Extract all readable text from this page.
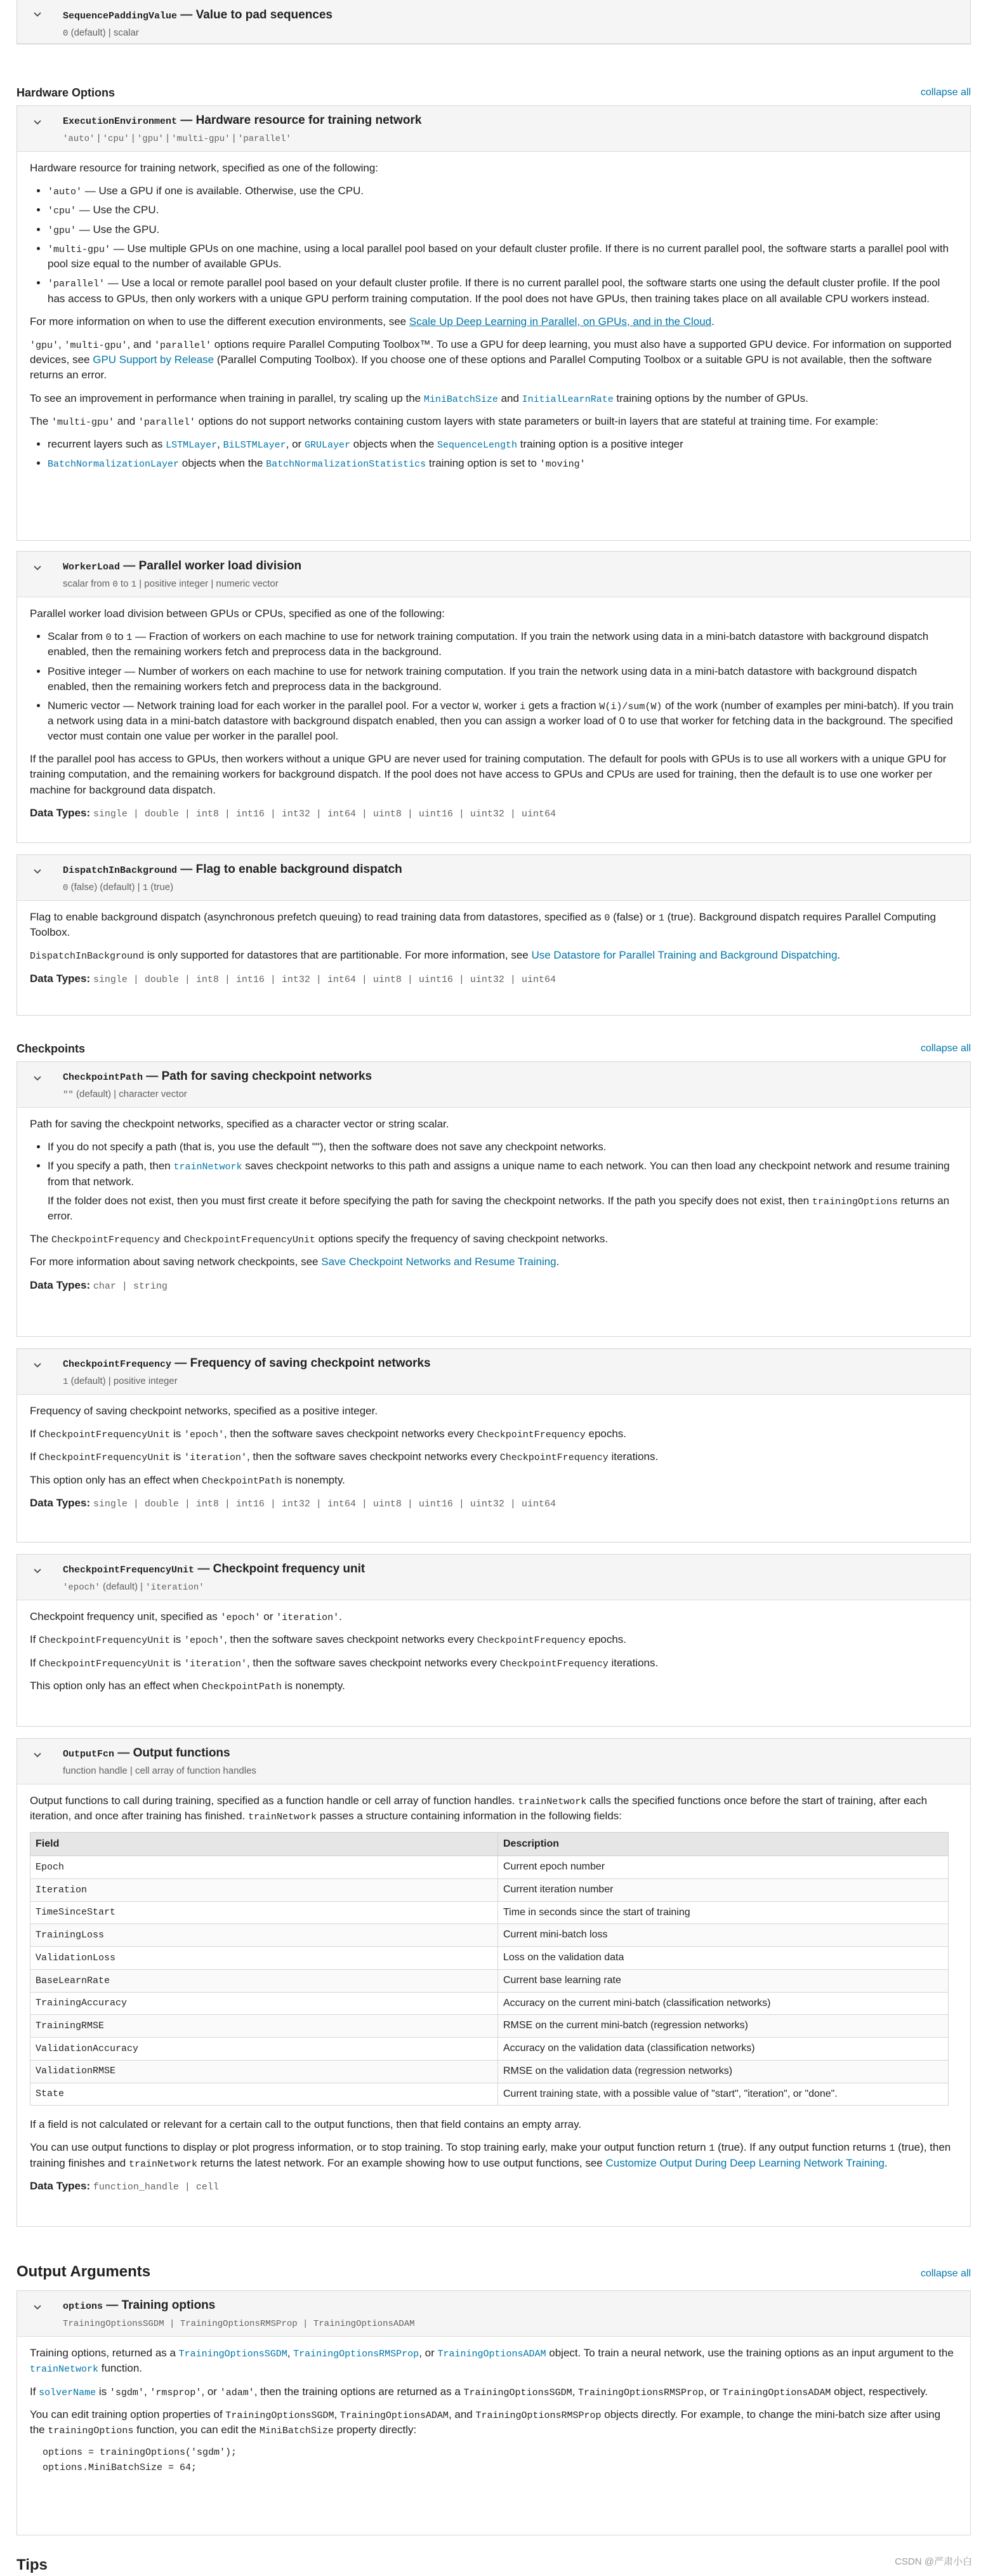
SequencePaddingValue — Value to pad sequences
0 (default) | scalar
Hardware Options	collapse all
ExecutionEnvironment — Hardware resource for training network
'auto' | 'cpu' | 'gpu' | 'multi-gpu' | 'parallel'

Hardware resource for training network, specified as one of the following:

• 'auto' — Use a GPU if one is available. Otherwise, use the CPU.
• 'cpu' — Use the CPU.
• 'gpu' — Use the GPU.
• 'multi-gpu' — Use multiple GPUs on one machine, using a local parallel pool based on your default cluster profile. If there is no current parallel pool, the software starts a parallel pool with pool size equal to the number of available GPUs.
• 'parallel' — Use a local or remote parallel pool based on your default cluster profile. If there is no current parallel pool, the software starts one using the default cluster profile. If the pool has access to GPUs, then only workers with a unique GPU perform training computation. If the pool does not have GPUs, then training takes place on all available CPU workers instead.

For more information on when to use the different execution environments, see Scale Up Deep Learning in Parallel, on GPUs, and in the Cloud.

'gpu', 'multi-gpu', and 'parallel' options require Parallel Computing Toolbox™. To use a GPU for deep learning, you must also have a supported GPU device. For information on supported devices, see GPU Support by Release (Parallel Computing Toolbox). If you choose one of these options and Parallel Computing Toolbox or a suitable GPU is not available, then the software returns an error.

To see an improvement in performance when training in parallel, try scaling up the MiniBatchSize and InitialLearnRate training options by the number of GPUs.

The 'multi-gpu' and 'parallel' options do not support networks containing custom layers with state parameters or built-in layers that are stateful at training time. For example:

• recurrent layers such as LSTMLayer, BiLSTMLayer, or GRULayer objects when the SequenceLength training option is a positive integer
• BatchNormalizationLayer objects when the BatchNormalizationStatistics training option is set to 'moving'
WorkerLoad — Parallel worker load division
scalar from 0 to 1 | positive integer | numeric vector

Parallel worker load division between GPUs or CPUs, specified as one of the following:

• Scalar from 0 to 1 — Fraction of workers on each machine to use for network training computation. If you train the network using data in a mini-batch datastore with background dispatch enabled, then the remaining workers fetch and preprocess data in the background.
• Positive integer — Number of workers on each machine to use for network training computation. If you train the network using data in a mini-batch datastore with background dispatch enabled, then the remaining workers fetch and preprocess data in the background.
• Numeric vector — Network training load for each worker in the parallel pool. For a vector W, worker i gets a fraction W(i)/sum(W) of the work (number of examples per mini-batch). If you train a network using data in a mini-batch datastore with background dispatch enabled, then you can assign a worker load of 0 to use that worker for fetching data in the background. The specified vector must contain one value per worker in the parallel pool.

If the parallel pool has access to GPUs, then workers without a unique GPU are never used for training computation. The default for pools with GPUs is to use all workers with a unique GPU for training computation, and the remaining workers for background dispatch. If the pool does not have access to GPUs and CPUs are used for training, then the default is to use one worker per machine for background data dispatch.

Data Types: single | double | int8 | int16 | int32 | int64 | uint8 | uint16 | uint32 | uint64
DispatchInBackground — Flag to enable background dispatch
0 (false) (default) | 1 (true)

Flag to enable background dispatch (asynchronous prefetch queuing) to read training data from datastores, specified as 0 (false) or 1 (true). Background dispatch requires Parallel Computing Toolbox.

DispatchInBackground is only supported for datastores that are partitionable. For more information, see Use Datastore for Parallel Training and Background Dispatching.

Data Types: single | double | int8 | int16 | int32 | int64 | uint8 | uint16 | uint32 | uint64
Checkpoints	collapse all
CheckpointPath — Path for saving checkpoint networks
"" (default) | character vector

Path for saving the checkpoint networks, specified as a character vector or string scalar.

• If you do not specify a path (that is, you use the default ""), then the software does not save any checkpoint networks.
• If you specify a path, then trainNetwork saves checkpoint networks to this path and assigns a unique name to each network. You can then load any checkpoint network and resume training from that network.
If the folder does not exist, then you must first create it before specifying the path for saving the checkpoint networks. If the path you specify does not exist, then trainingOptions returns an error.

The CheckpointFrequency and CheckpointFrequencyUnit options specify the frequency of saving checkpoint networks.

For more information about saving network checkpoints, see Save Checkpoint Networks and Resume Training.

Data Types: char | string
CheckpointFrequency — Frequency of saving checkpoint networks
1 (default) | positive integer

Frequency of saving checkpoint networks, specified as a positive integer.

If CheckpointFrequencyUnit is 'epoch', then the software saves checkpoint networks every CheckpointFrequency epochs.

If CheckpointFrequencyUnit is 'iteration', then the software saves checkpoint networks every CheckpointFrequency iterations.

This option only has an effect when CheckpointPath is nonempty.

Data Types: single | double | int8 | int16 | int32 | int64 | uint8 | uint16 | uint32 | uint64
CheckpointFrequencyUnit — Checkpoint frequency unit
'epoch' (default) | 'iteration'

Checkpoint frequency unit, specified as 'epoch' or 'iteration'.

If CheckpointFrequencyUnit is 'epoch', then the software saves checkpoint networks every CheckpointFrequency epochs.

If CheckpointFrequencyUnit is 'iteration', then the software saves checkpoint networks every CheckpointFrequency iterations.

This option only has an effect when CheckpointPath is nonempty.

OutputFcn — Output functions
function handle | cell array of function handles

Output functions to call during training, specified as a function handle or cell array of function handles. trainNetwork calls the specified functions once before the start of training, after each iteration, and once after training has finished. trainNetwork passes a structure containing information in the following fields:

Field	Description
Epoch	Current epoch number
Iteration	Current iteration number
TimeSinceStart	Time in seconds since the start of training
TrainingLoss	Current mini-batch loss
ValidationLoss	Loss on the validation data
BaseLearnRate	Current base learning rate
TrainingAccuracy	Accuracy on the current mini-batch (classification networks)
TrainingRMSE	RMSE on the current mini-batch (regression networks)
ValidationAccuracy	Accuracy on the validation data (classification networks)
ValidationRMSE	RMSE on the validation data (regression networks)
State	Current training state, with a possible value of "start", "iteration", or "done".

If a field is not calculated or relevant for a certain call to the output functions, then that field contains an empty array.

You can use output functions to display or plot progress information, or to stop training. To stop training early, make your output function return 1 (true). If any output function returns 1 (true), then training finishes and trainNetwork returns the latest network. For an example showing how to use output functions, see Customize Output During Deep Learning Network Training.

Data Types: function_handle | cell
Output Arguments	collapse all
options — Training options
TrainingOptionsSGDM | TrainingOptionsRMSProp | TrainingOptionsADAM

Training options, returned as a TrainingOptionsSGDM, TrainingOptionsRMSProp, or TrainingOptionsADAM object. To train a neural network, use the training options as an input argument to the trainNetwork function.

If solverName is 'sgdm', 'rmsprop', or 'adam', then the training options are returned as a TrainingOptionsSGDM, TrainingOptionsRMSProp, or TrainingOptionsADAM object, respectively.

You can edit training option properties of TrainingOptionsSGDM, TrainingOptionsADAM, and TrainingOptionsRMSProp objects directly. For example, to change the mini-batch size after using the trainingOptions function, you can edit the MiniBatchSize property directly:

options = trainingOptions('sgdm');
options.MiniBatchSize = 64;
Tips	CSDN @严肃小白
